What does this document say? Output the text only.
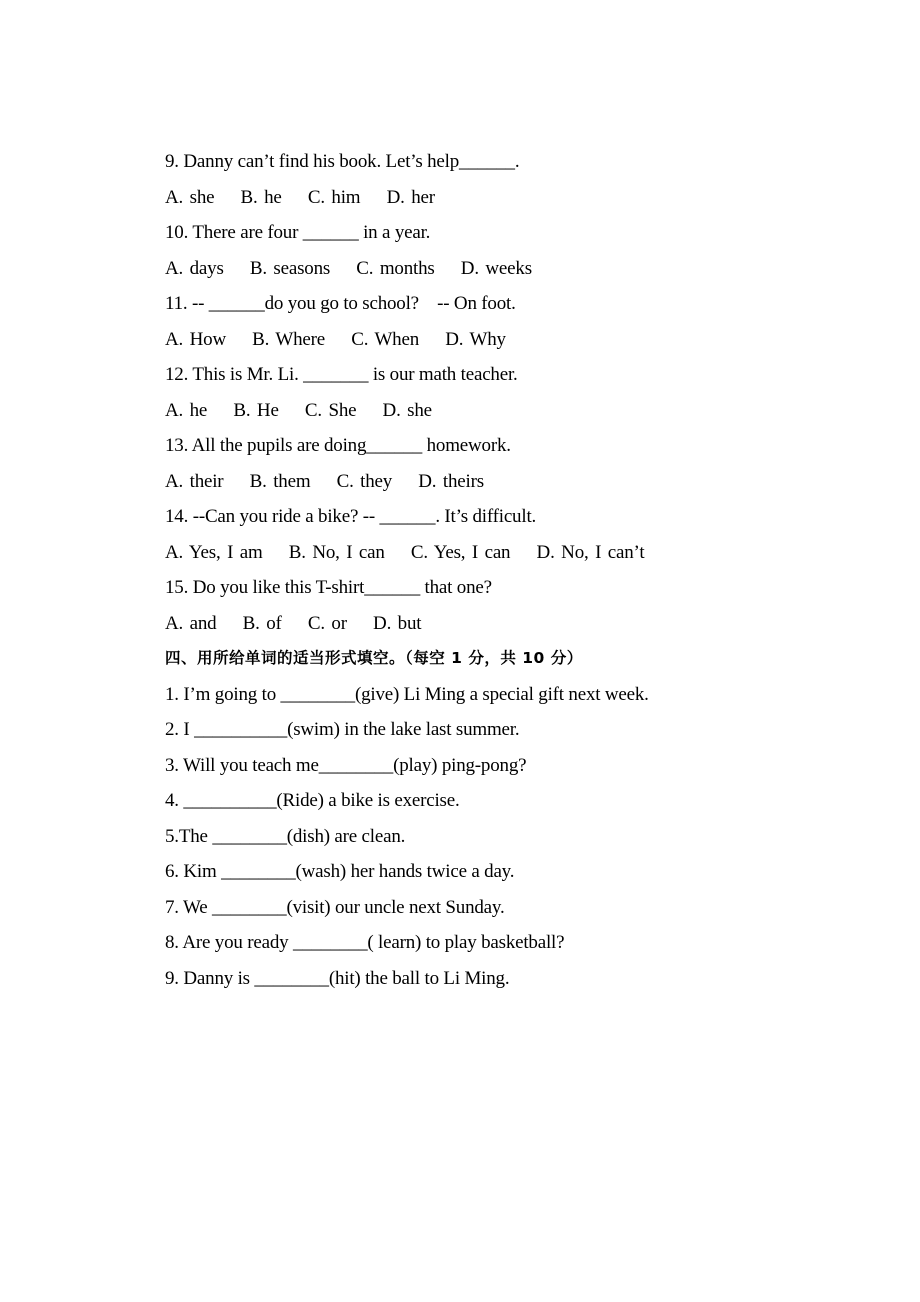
9. Danny can’t find his book. Let’s help______.
A. she    B. he    C. him    D. her
10. There are four ______ in a year.
A. days    B. seasons    C. months    D. weeks
11. -- ______do you go to school?    -- On foot.
A. How    B. Where    C. When    D. Why
12. This is Mr. Li. _______ is our math teacher.
A. he    B. He    C. She    D. she
13. All the pupils are doing______ homework.
A. their    B. them    C. they    D. theirs
14. --Can you ride a bike? -- ______. It’s difficult.
A. Yes, I am    B. No, I can    C. Yes, I can    D. No, I can’t
15. Do you like this T-shirt______ that one?
A. and    B. of    C. or    D. but
四、用所给单词的适当形式填空。（每空 1 分，共 10 分）
1. I’m going to ________(give) Li Ming a special gift next week.
2. I __________(swim) in the lake last summer.
3. Will you teach me________(play) ping-pong?
4. __________(Ride) a bike is exercise.
5.The ________(dish) are clean.
6. Kim ________(wash) her hands twice a day.
7. We ________(visit) our uncle next Sunday.
8. Are you ready ________( learn) to play basketball?
9. Danny is ________(hit) the ball to Li Ming.
